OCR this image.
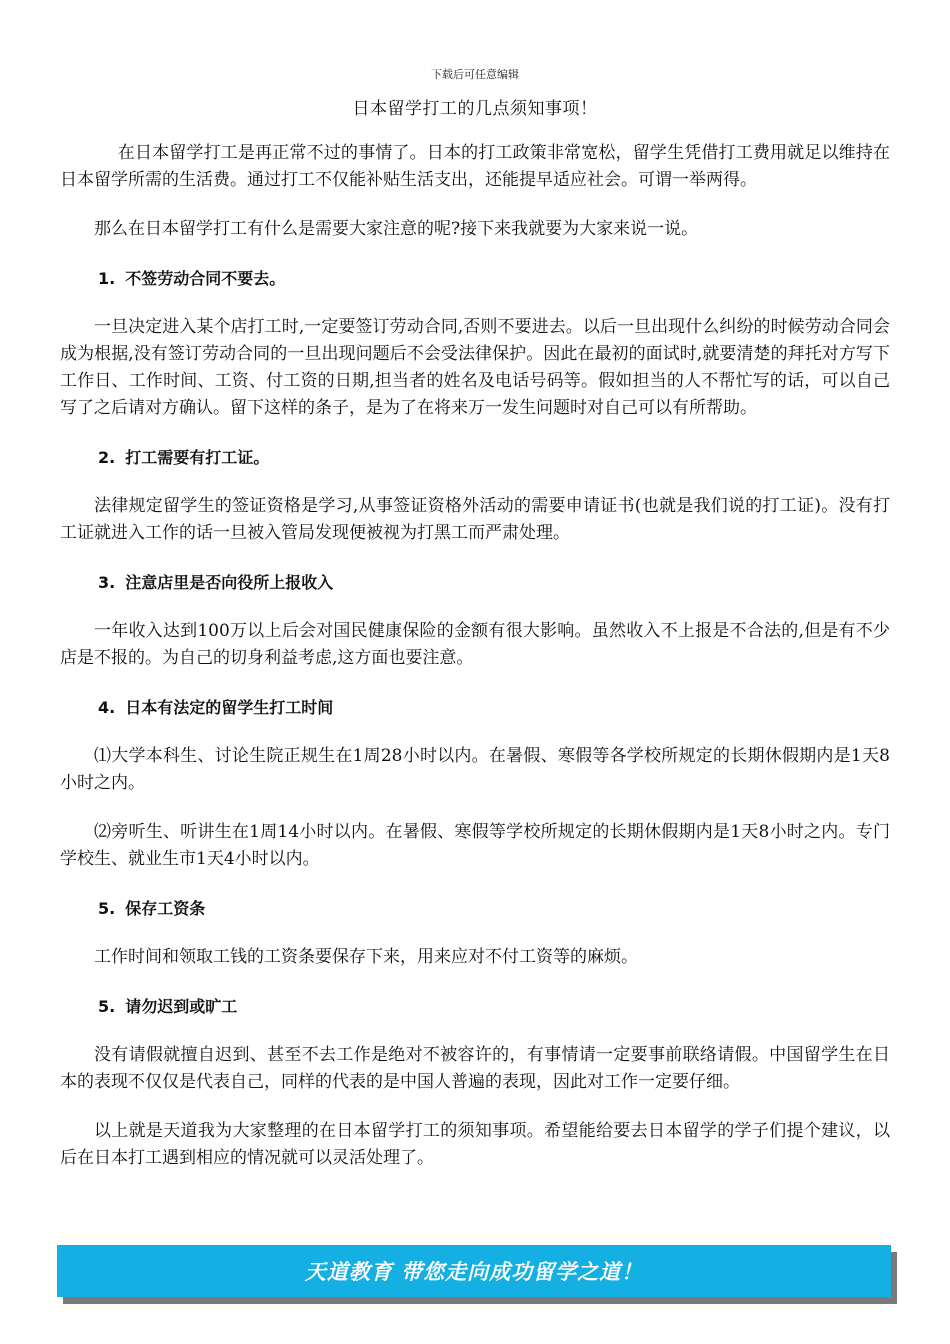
下载后可任意编辑
日本留学打工的几点须知事项！

在日本留学打工是再正常不过的事情了。日本的打工政策非常宽松，留学生凭借打工费用就足以维持在日本留学所需的生活费。通过打工不仅能补贴生活支出，还能提早适应社会。可谓一举两得。

那么在日本留学打工有什么是需要大家注意的呢?接下来我就要为大家来说一说。

1. 不签劳动合同不要去。

一旦决定进入某个店打工时,一定要签订劳动合同,否则不要进去。以后一旦出现什么纠纷的时候劳动合同会成为根据,没有签订劳动合同的一旦出现问题后不会受法律保护。因此在最初的面试时,就要清楚的拜托对方写下工作日、工作时间、工资、付工资的日期,担当者的姓名及电话号码等。假如担当的人不帮忙写的话，可以自己写了之后请对方确认。留下这样的条子，是为了在将来万一发生问题时对自己可以有所帮助。

2. 打工需要有打工证。

法律规定留学生的签证资格是学习,从事签证资格外活动的需要申请证书(也就是我们说的打工证)。没有打工证就进入工作的话一旦被入管局发现便被视为打黑工而严肃处理。

3. 注意店里是否向役所上报收入

一年收入达到100万以上后会对国民健康保险的金额有很大影响。虽然收入不上报是不合法的,但是有不少店是不报的。为自己的切身利益考虑,这方面也要注意。

4. 日本有法定的留学生打工时间

⑴大学本科生、讨论生院正规生在1周28小时以内。在暑假、寒假等各学校所规定的长期休假期内是1天8小时之内。

⑵旁听生、听讲生在1周14小时以内。在暑假、寒假等学校所规定的长期休假期内是1天8小时之内。专门学校生、就业生市1天4小时以内。

5. 保存工资条

工作时间和领取工钱的工资条要保存下来，用来应对不付工资等的麻烦。

5. 请勿迟到或旷工

没有请假就擅自迟到、甚至不去工作是绝对不被容许的，有事情请一定要事前联络请假。中国留学生在日本的表现不仅仅是代表自己，同样的代表的是中国人普遍的表现，因此对工作一定要仔细。

以上就是天道我为大家整理的在日本留学打工的须知事项。希望能给要去日本留学的学子们提个建议，以后在日本打工遇到相应的情况就可以灵活处理了。

天道教育 带您走向成功留学之道！
